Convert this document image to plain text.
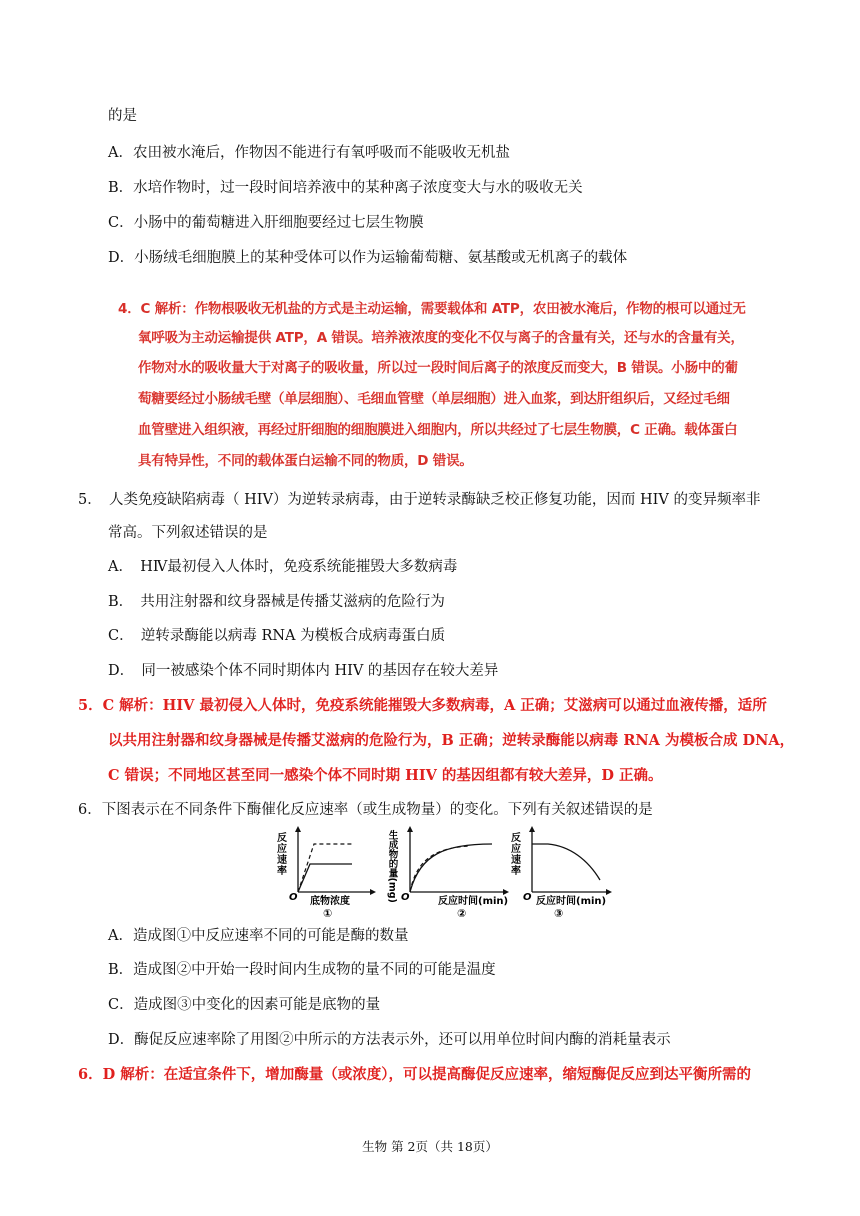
的是
A．农田被水淹后，作物因不能进行有氧呼吸而不能吸收无机盐
B．水培作物时，过一段时间培养液中的某种离子浓度变大与水的吸收无关
C．小肠中的葡萄糖进入肝细胞要经过七层生物膜
D．小肠绒毛细胞膜上的某种受体可以作为运输葡萄糖、氨基酸或无机离子的载体
4．C 解析：作物根吸收无机盐的方式是主动运输，需要载体和 ATP，农田被水淹后，作物的根可以通过无
氧呼吸为主动运输提供 ATP，A 错误。培养液浓度的变化不仅与离子的含量有关，还与水的含量有关，
作物对水的吸收量大于对离子的吸收量，所以过一段时间后离子的浓度反而变大，B 错误。小肠中的葡
萄糖要经过小肠绒毛壁（单层细胞）、毛细血管壁（单层细胞）进入血浆，到达肝组织后，又经过毛细
血管壁进入组织液，再经过肝细胞的细胞膜进入细胞内，所以共经过了七层生物膜，C 正确。载体蛋白
具有特异性，不同的载体蛋白运输不同的物质，D 错误。
5．　人类免疫缺陷病毒（ HIV）为逆转录病毒，由于逆转录酶缺乏校正修复功能，因而 HIV 的变异频率非
常高。下列叙述错误的是
A．　HⅣ最初侵入人体时，免疫系统能摧毁大多数病毒
B．　共用注射器和纹身器械是传播艾滋病的危险行为
C．　逆转录酶能以病毒 RNA 为模板合成病毒蛋白质
D．　同一被感染个体不同时期体内 HIV 的基因存在较大差异
5．C 解析：HIV 最初侵入人体时，免疫系统能摧毁大多数病毒，A 正确；艾滋病可以通过血液传播，适所
以共用注射器和纹身器械是传播艾滋病的危险行为，B 正确；逆转录酶能以病毒 RNA 为模板合成 DNA，
C 错误；不同地区甚至同一感染个体不同时期 HIV 的基因组都有较大差异，D 正确。
6．下图表示在不同条件下酶催化反应速率（或生成物量）的变化。下列有关叙述错误的是
反应速率
O 底物浓度
①
生成物的量(mg) O	反应时间(min)
②
反应速率
O 反应时间(min)
③
A．造成图①中反应速率不同的可能是酶的数量
B．造成图②中开始一段时间内生成物的量不同的可能是温度
C．造成图③中变化的因素可能是底物的量
D．酶促反应速率除了用图②中所示的方法表示外，还可以用单位时间内酶的消耗量表示
6．D 解析：在适宜条件下，增加酶量（或浓度），可以提高酶促反应速率，缩短酶促反应到达平衡所需的
生物 第 2页（共 18页）
